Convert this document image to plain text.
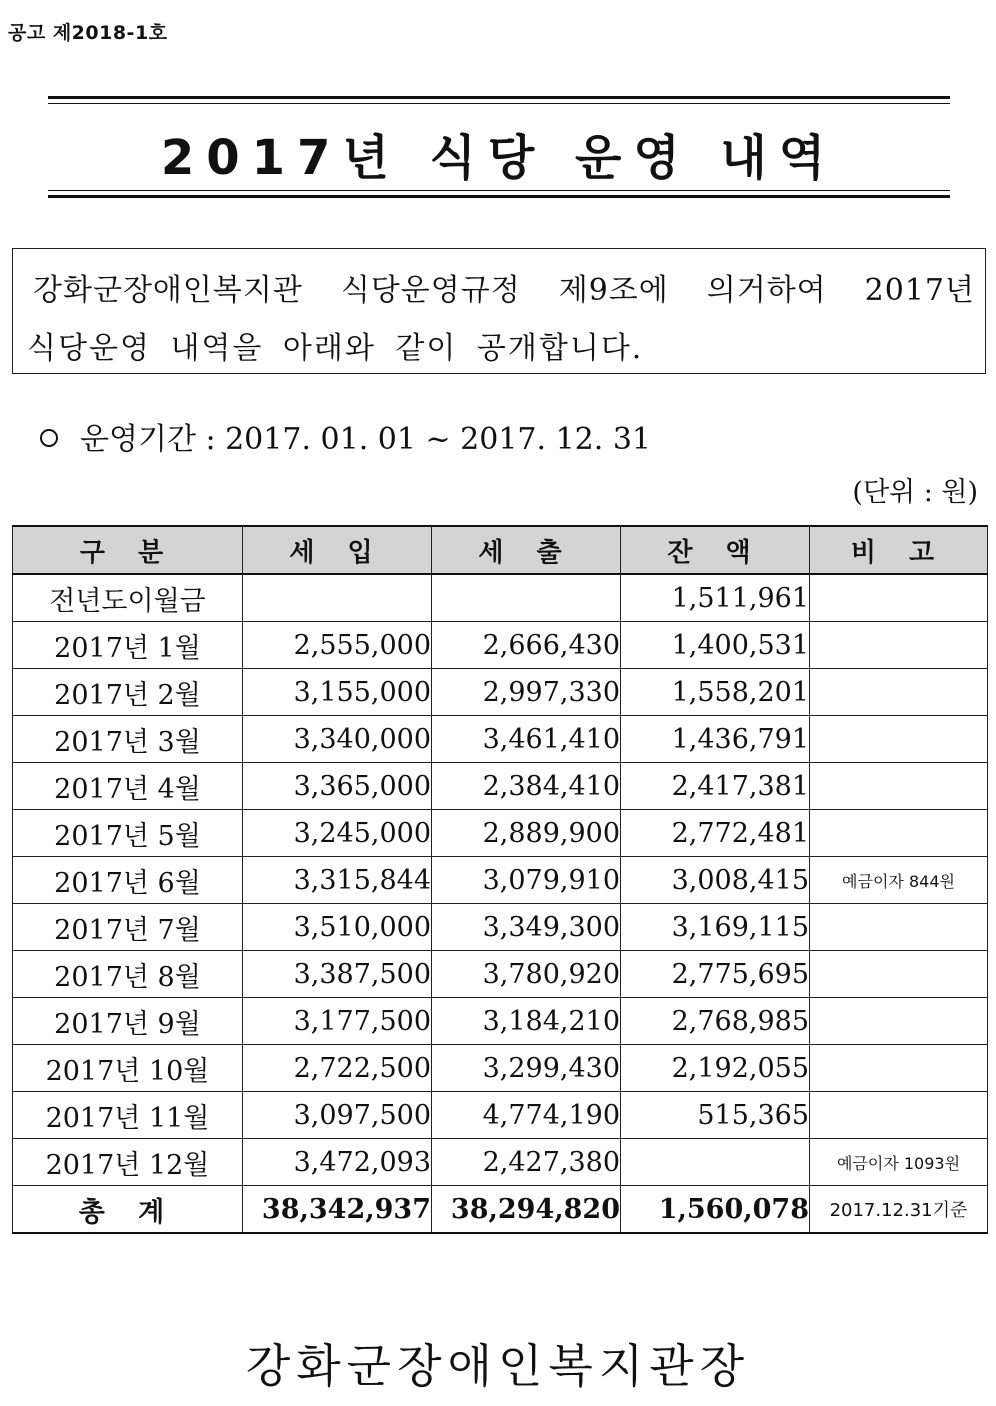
공고 제2018-1호
2017년 식당 운영 내역
강화군장애인복지관 식당운영규정 제9조에 의거하여 2017년
식당운영 내역을 아래와 같이 공개합니다.
운영기간 : 2017. 01. 01 ~ 2017. 12. 31
(단위 : 원)
구 분	세 입	세 출	잔 액	비 고
전년도이월금			1,511,961	
2017년 1월	2,555,000	2,666,430	1,400,531	
2017년 2월	3,155,000	2,997,330	1,558,201	
2017년 3월	3,340,000	3,461,410	1,436,791	
2017년 4월	3,365,000	2,384,410	2,417,381	
2017년 5월	3,245,000	2,889,900	2,772,481	
2017년 6월	3,315,844	3,079,910	3,008,415	예금이자 844원
2017년 7월	3,510,000	3,349,300	3,169,115	
2017년 8월	3,387,500	3,780,920	2,775,695	
2017년 9월	3,177,500	3,184,210	2,768,985	
2017년 10월	2,722,500	3,299,430	2,192,055	
2017년 11월	3,097,500	4,774,190	515,365	
2017년 12월	3,472,093	2,427,380		예금이자 1093원
총 계	38,342,937	38,294,820	1,560,078	2017.12.31기준
강화군장애인복지관장
